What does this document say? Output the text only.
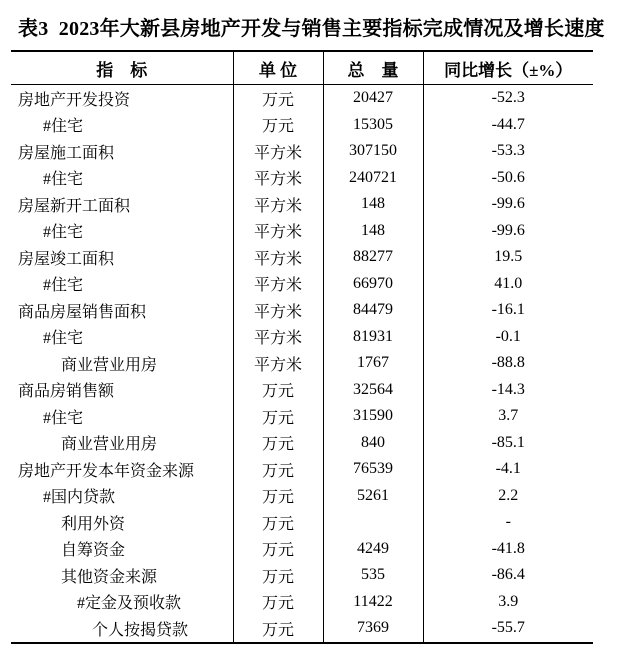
表3  2023年大新县房地产开发与销售主要指标完成情况及增长速度
指　标	单 位	总　量	同比增长（±%）
房地产开发投资	万元	20427	-52.3
#住宅	万元	15305	-44.7
房屋施工面积	平方米	307150	-53.3
#住宅	平方米	240721	-50.6
房屋新开工面积	平方米	148	-99.6
#住宅	平方米	148	-99.6
房屋竣工面积	平方米	88277	19.5
#住宅	平方米	66970	41.0
商品房屋销售面积	平方米	84479	-16.1
#住宅	平方米	81931	-0.1
商业营业用房	平方米	1767	-88.8
商品房销售额	万元	32564	-14.3
#住宅	万元	31590	3.7
商业营业用房	万元	840	-85.1
房地产开发本年资金来源	万元	76539	-4.1
#国内贷款	万元	5261	2.2
利用外资	万元		-
自筹资金	万元	4249	-41.8
其他资金来源	万元	535	-86.4
#定金及预收款	万元	11422	3.9
个人按揭贷款	万元	7369	-55.7
